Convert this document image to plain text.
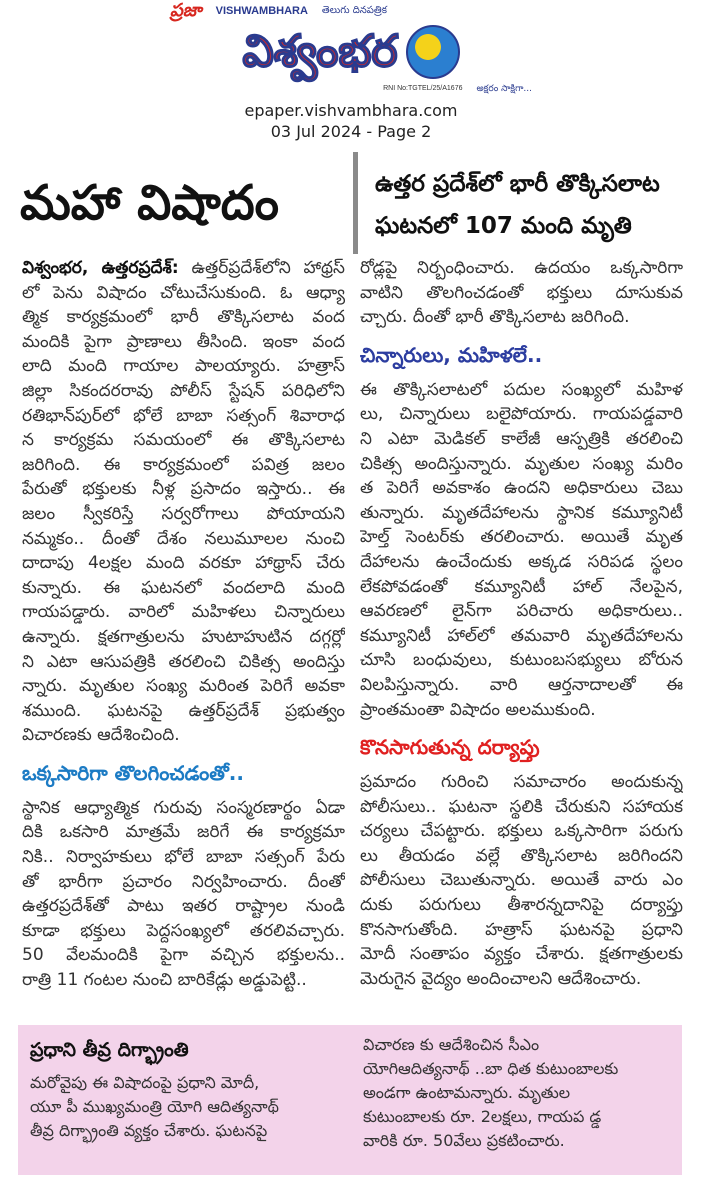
ప్రజా VISHWAMBHARA తెలుగు దినపత్రిక
విశ్వంభర
RNI No:TGTEL/25/A1676 అక్షరం సాక్షిగా...
epaper.vishvambhara.com
03 Jul 2024 - Page 2
మహా విషాదం	ఉత్తర ప్రదేశ్‌లో భారీ తొక్కిసలాట
ఘటనలో 107 మంది మృతి
విశ్వంభర, ఉత్తరప్రదేశ్: ఉత్తర్‌ప్రదేశ్‌లోని హాథ్రస్
లో పెను విషాదం చోటుచేసుకుంది. ఓ ఆధ్యా
త్మిక కార్యక్రమంలో భారీ తొక్కిసలాట వంద
మందికి పైగా ప్రాణాలు తీసింది. ఇంకా వంద
లాది మంది గాయాల పాలయ్యారు. హత్రాస్
జిల్లా సికందరరావు పోలీస్ స్టేషన్ పరిధిలోని
రతిభాన్‌పుర్‌లో భోలే బాబా సత్సంగ్ శివారాధ
న కార్యక్రమ సమయంలో ఈ తొక్కిసలాట
జరిగింది. ఈ కార్యక్రమంలో పవిత్ర జలం
పేరుతో భక్తులకు నీళ్ల ప్రసాదం ఇస్తారు.. ఈ
జలం స్వీకరిస్తే సర్వరోగాలు పోయాయని
నమ్మకం.. దీంతో దేశం నలుమూలల నుంచి
దాదాపు 4లక్షల మంది వరకూ హాథ్రాస్ చేరు
కున్నారు. ఈ ఘటనలో వందలాది మంది
గాయపడ్డారు. వారిలో మహిళలు చిన్నారులు
ఉన్నారు. క్షతగాత్రులను హుటాహుటిన దగ్గర్లో
ని ఎటా ఆసుపత్రికి తరలించి చికిత్స అందిస్తు
న్నారు. మృతుల సంఖ్య మరింత పెరిగే అవకా
శముంది. ఘటనపై ఉత్తర్‌ప్రదేశ్ ప్రభుత్వం
విచారణకు ఆదేశించింది.
ఒక్కసారిగా తొలగించడంతో..
స్థానిక ఆధ్యాత్మిక గురువు సంస్మరణార్థం ఏడా
దికి ఒకసారి మాత్రమే జరిగే ఈ కార్యక్రమా
నికి.. నిర్వాహకులు భోలే బాబా సత్సంగ్ పేరు
తో భారీగా ప్రచారం నిర్వహించారు. దీంతో
ఉత్తరప్రదేశ్‌తో పాటు ఇతర రాష్ట్రాల నుండి
కూడా భక్తులు పెద్దసంఖ్యలో తరలివచ్చారు.
50 వేలమందికి పైగా వచ్చిన భక్తులను..
రాత్రి 11 గంటల నుంచి బారికేడ్లు అడ్డుపెట్టి..
రోడ్లపై నిర్బంధించారు. ఉదయం ఒక్కసారిగా
వాటిని తొలగించడంతో భక్తులు దూసుకువ
చ్చారు. దీంతో భారీ తొక్కిసలాట జరిగింది.
చిన్నారులు, మహిళలే..
ఈ తొక్కిసలాటలో పదుల సంఖ్యలో మహిళ
లు, చిన్నారులు బలైపోయారు. గాయపడ్డవారి
ని ఎటా మెడికల్ కాలేజీ ఆస్పత్రికి తరలించి
చికిత్స అందిస్తున్నారు. మృతుల సంఖ్య మరిం
త పెరిగే అవకాశం ఉందని అధికారులు చెబు
తున్నారు. మృతదేహాలను స్థానిక కమ్యూనిటీ
హెల్త్ సెంటర్‌కు తరలించారు. అయితే మృత
దేహాలను ఉంచేందుకు అక్కడ సరిపడ స్థలం
లేకపోవడంతో కమ్యూనిటీ హాల్ నేలపైన,
ఆవరణలో లైన్‌గా పరిచారు అధికారులు..
కమ్యూనిటీ హాల్‌లో తమవారి మృతదేహాలను
చూసి బంధువులు, కుటుంబసభ్యులు బోరున
విలపిస్తున్నారు. వారి ఆర్తనాదాలతో ఈ
ప్రాంతమంతా విషాదం అలముకుంది.
కొనసాగుతున్న దర్యాప్తు
ప్రమాదం గురించి సమాచారం అందుకున్న
పోలీసులు.. ఘటనా స్థలికి చేరుకుని సహాయక
చర్యలు చేపట్టారు. భక్తులు ఒక్కసారిగా పరుగు
లు తీయడం వల్లే తొక్కిసలాట జరిగిందని
పోలీసులు చెబుతున్నారు. అయితే వారు ఎం
దుకు పరుగులు తీశారన్నదానిపై దర్యాప్తు
కొనసాగుతోంది. హత్రాస్ ఘటనపై ప్రధాని
మోదీ సంతాపం వ్యక్తం చేశారు. క్షతగాత్రులకు
మెరుగైన వైద్యం అందించాలని ఆదేశించారు.
ప్రధాని తీవ్ర దిగ్భ్రాంతి
మరోవైపు ఈ విషాదంపై ప్రధాని మోదీ,
యూ పీ ముఖ్యమంత్రి యోగి ఆదిత్యనాథ్
తీవ్ర దిగ్భ్రాంతి వ్యక్తం చేశారు. ఘటనపై
విచారణ కు ఆదేశించిన సీఎం
యోగిఆదిత్యనాథ్ ..బా ధిత కుటుంబాలకు
అండగా ఉంటామన్నారు. మృతుల
కుటుంబాలకు రూ. 2లక్షలు, గాయప డ్డ
వారికి రూ. 50వేలు ప్రకటించారు.
